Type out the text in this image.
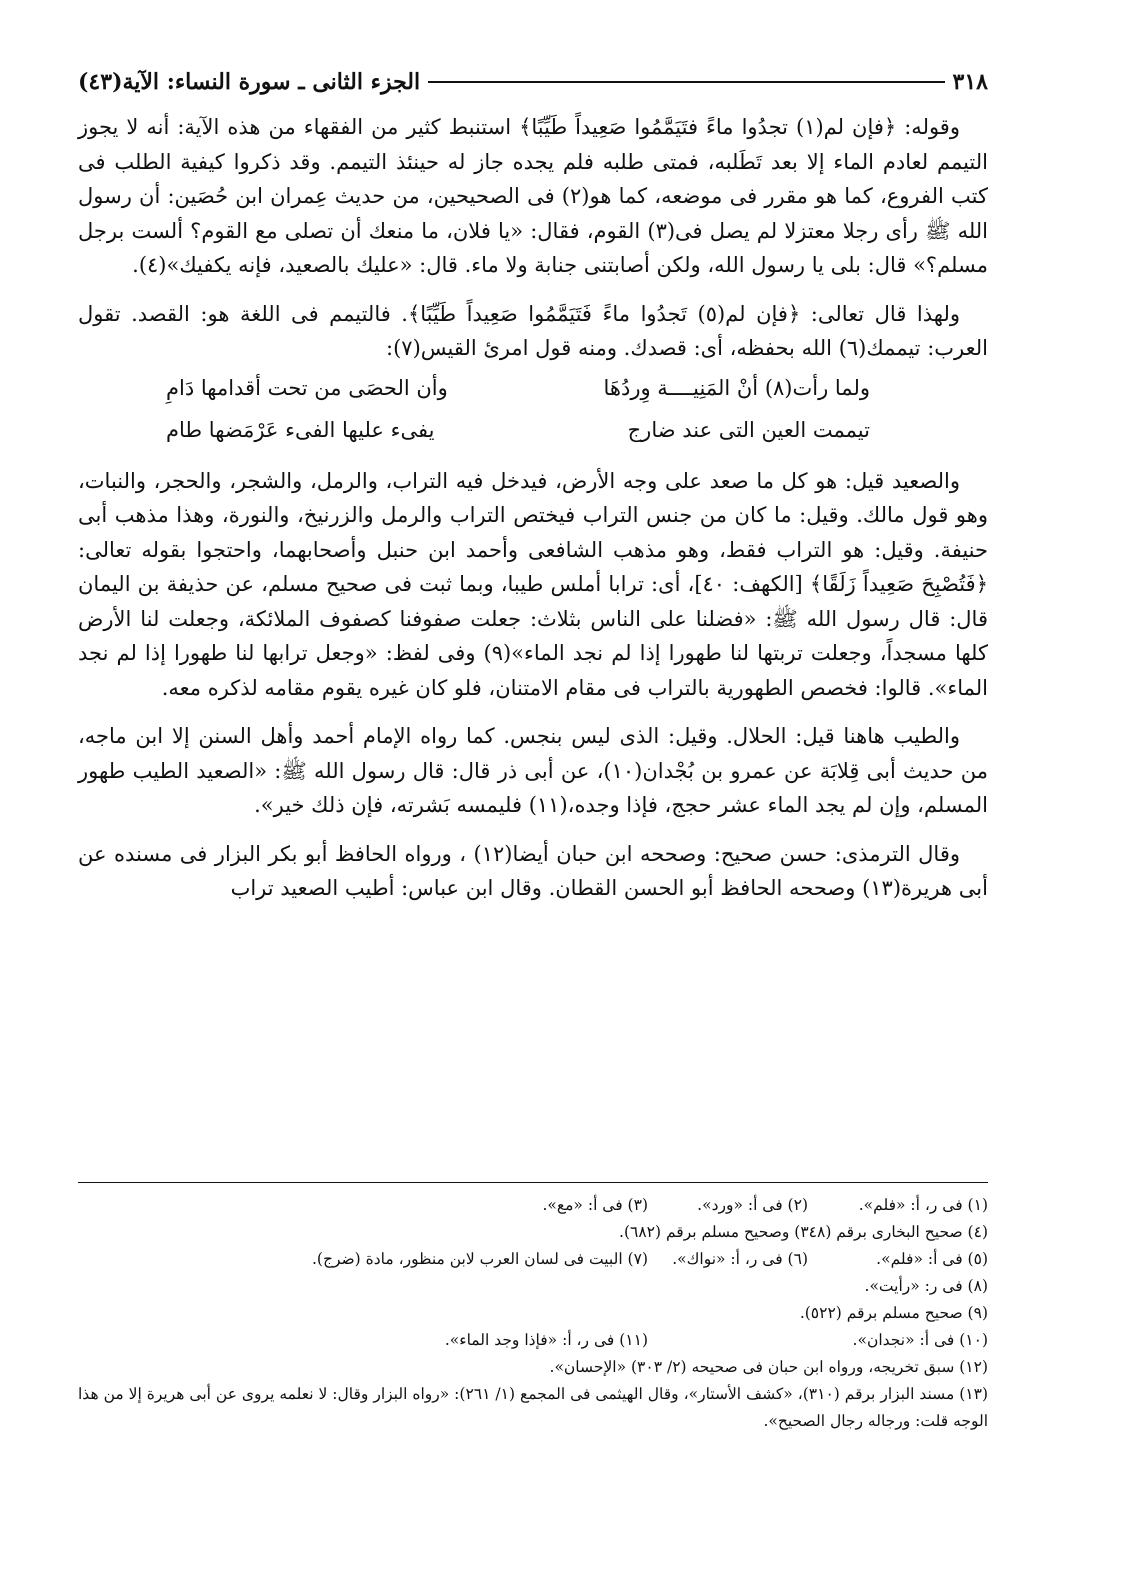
٣١٨
الجزء الثانى ـ سورة النساء: الآية(٤٣)

وقوله: ﴿فإن لم(١) تجدُوا ماءً فتَيَمَّمُوا صَعِيداً طَيِّبًا﴾ استنبط كثير من الفقهاء من هذه الآية: أنه لا يجوز التيمم لعادم الماء إلا بعد تَطَلبه، فمتى طلبه فلم يجده جاز له حينئذ التيمم. وقد ذكروا كيفية الطلب فى كتب الفروع، كما هو مقرر فى موضعه، كما هو(٢) فى الصحيحين، من حديث عِمران ابن حُصَين: أن رسول الله ﷺ رأى رجلا معتزلا لم يصل فى(٣) القوم، فقال: «يا فلان، ما منعك أن تصلى مع القوم؟ ألست برجل مسلم؟» قال: بلى يا رسول الله، ولكن أصابتنى جنابة ولا ماء. قال: «عليك بالصعيد، فإنه يكفيك»(٤).

ولهذا قال تعالى: ﴿فإن لم(٥) تَجدُوا ماءً فَتَيَمَّمُوا صَعِيداً طَيِّبًا﴾. فالتيمم فى اللغة هو: القصد. تقول العرب: تيممك(٦) الله بحفظه، أى: قصدك. ومنه قول امرئ القيس(٧):

ولما رأت(٨) أنْ المَنِيــــة وِردُهَا
وأن الحصَى من تحت أقدامها دَامِ
تيممت العين التى عند ضارج
يفىء عليها الفىء عَرْمَضها طام

والصعيد قيل: هو كل ما صعد على وجه الأرض، فيدخل فيه التراب، والرمل، والشجر، والحجر، والنبات، وهو قول مالك. وقيل: ما كان من جنس التراب فيختص التراب والرمل والزرنيخ، والنورة، وهذا مذهب أبى حنيفة. وقيل: هو التراب فقط، وهو مذهب الشافعى وأحمد ابن حنبل وأصحابهما، واحتجوا بقوله تعالى: ﴿فَتُصْبِحَ صَعِيداً زَلَقًا﴾ [الكهف: ٤٠]، أى: ترابا أملس طيبا، وبما ثبت فى صحيح مسلم، عن حذيفة بن اليمان قال: قال رسول الله ﷺ: «فضلنا على الناس بثلاث: جعلت صفوفنا كصفوف الملائكة، وجعلت لنا الأرض كلها مسجداً، وجعلت تربتها لنا طهورا إذا لم نجد الماء»(٩) وفى لفظ: «وجعل ترابها لنا طهورا إذا لم نجد الماء». قالوا: فخصص الطهورية بالتراب فى مقام الامتنان، فلو كان غيره يقوم مقامه لذكره معه.

والطيب هاهنا قيل: الحلال. وقيل: الذى ليس بنجس. كما رواه الإمام أحمد وأهل السنن إلا ابن ماجه، من حديث أبى قِلابَة عن عمرو بن بُجْدان(١٠)، عن أبى ذر قال: قال رسول الله ﷺ: «الصعيد الطيب طهور المسلم، وإن لم يجد الماء عشر حجج، فإذا وجده،(١١) فليمسه بَشرته، فإن ذلك خير».

وقال الترمذى: حسن صحيح: وصححه ابن حبان أيضا(١٢) ، ورواه الحافظ أبو بكر البزار فى مسنده عن أبى هريرة(١٣) وصححه الحافظ أبو الحسن القطان. وقال ابن عباس: أطيب الصعيد تراب

(١) فى ر، أ: «فلم».
(٢) فى أ: «ورد».
(٣) فى أ: «مع».
(٤) صحيح البخارى برقم (٣٤٨) وصحيح مسلم برقم (٦٨٢).
(٥) فى أ: «فلم».
(٦) فى ر، أ: «نواك».
(٧) البيت فى لسان العرب لابن منظور، مادة (ضرج).
(٨) فى ر: «رأيت».
(٩) صحيح مسلم برقم (٥٢٢).
(١٠) فى أ: «نجدان».
(١١) فى ر، أ: «فإذا وجد الماء».
(١٢) سبق تخريجه، ورواه ابن حبان فى صحيحه (٢/ ٣٠٣) «الإحسان».
(١٣) مسند البزار برقم (٣١٠)، «كشف الأستار»، وقال الهيثمى فى المجمع (١/ ٢٦١): «رواه البزار وقال: لا نعلمه يروى عن أبى هريرة إلا من هذا الوجه قلت: ورجاله رجال الصحيح».
